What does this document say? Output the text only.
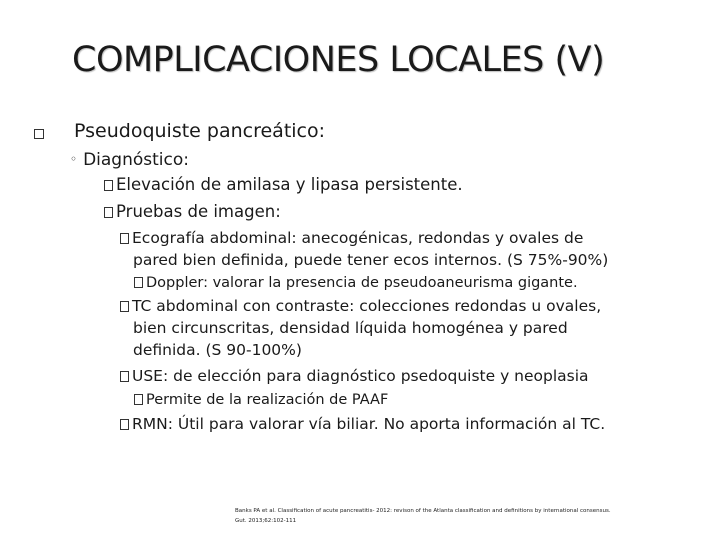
COMPLICACIONES LOCALES (V)
Pseudoquiste pancreático:
◦ Diagnóstico:
Elevación de amilasa y lipasa persistente.
Pruebas de imagen:
Ecografía abdominal: anecogénicas, redondas y ovales de
pared bien definida, puede tener ecos internos. (S 75%-90%)
Doppler: valorar la presencia de pseudoaneurisma gigante.
TC abdominal con contraste: colecciones redondas u ovales,
bien circunscritas, densidad líquida homogénea y pared
definida. (S 90-100%)
USE: de elección para diagnóstico psedoquiste y neoplasia
Permite de la realización de PAAF
RMN: Útil para valorar vía biliar. No aporta información al TC.
Banks PA et al. Classification of acute pancreatitis- 2012: revison of the Atlanta classification and definitions by international consensus.
Gut. 2013;62:102-111
